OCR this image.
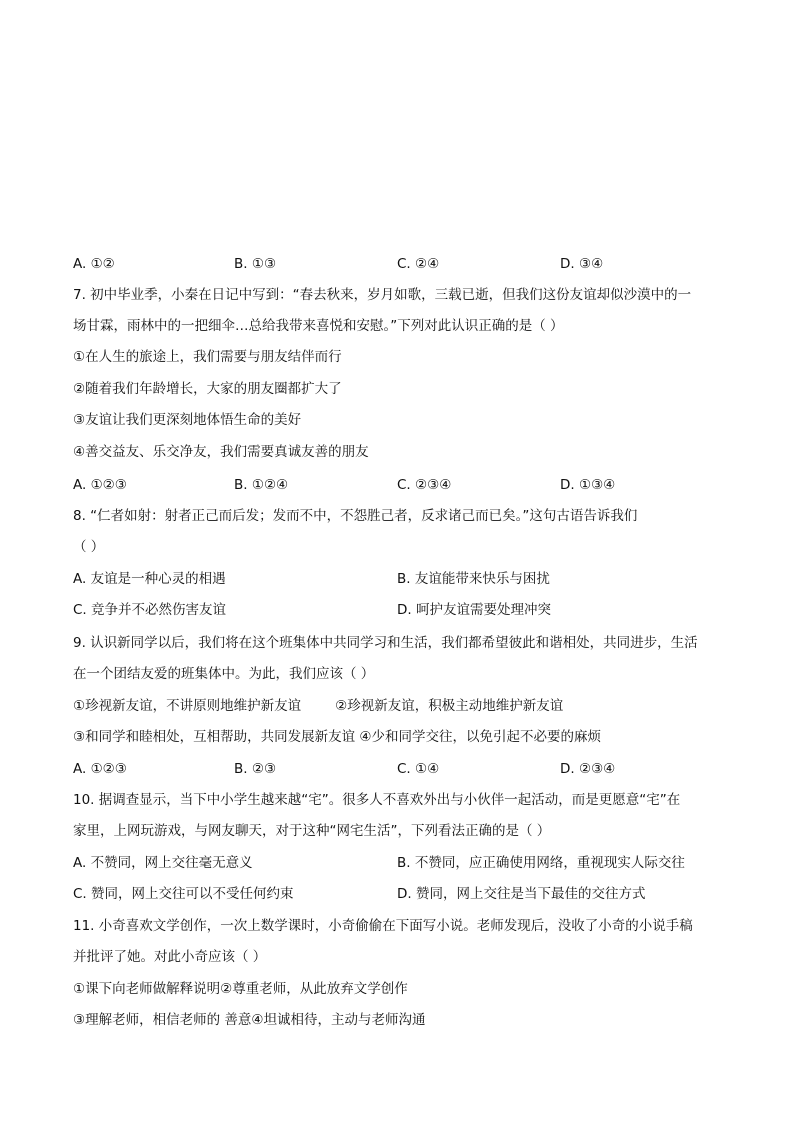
A. ①②	B. ①③	C. ②④	D. ③④
7. 初中毕业季，小秦在日记中写到：“春去秋来，岁月如歌，三载已逝，但我们这份友谊却似沙漠中的一
场甘霖，雨林中的一把细伞…总给我带来喜悦和安慰。”下列对此认识正确的是（ ）
①在人生的旅途上，我们需要与朋友结伴而行
②随着我们年龄增长，大家的朋友圈都扩大了
③友谊让我们更深刻地体悟生命的美好
④善交益友、乐交净友，我们需要真诚友善的朋友
A. ①②③	B. ①②④	C. ②③④	D. ①③④
8. “仁者如射：射者正己而后发；发而不中，不怨胜己者，反求诸己而已矣。”这句古语告诉我们
（ ）
A. 友谊是一种心灵的相遇	B. 友谊能带来快乐与困扰
C. 竞争并不必然伤害友谊	D. 呵护友谊需要处理冲突
9. 认识新同学以后，我们将在这个班集体中共同学习和生活，我们都希望彼此和谐相处，共同进步，生活
在一个团结友爱的班集体中。为此，我们应该（ ）
①珍视新友谊，不讲原则地维护新友谊	②珍视新友谊，积极主动地维护新友谊
③和同学和睦相处，互相帮助，共同发展新友谊 ④少和同学交往，以免引起不必要的麻烦
A. ①②③	B. ②③	C. ①④	D. ②③④
10. 据调查显示，当下中小学生越来越“宅”。很多人不喜欢外出与小伙伴一起活动，而是更愿意“宅”在
家里，上网玩游戏，与网友聊天，对于这种“网宅生活”，下列看法正确的是（ ）
A. 不赞同，网上交往毫无意义	B. 不赞同，应正确使用网络，重视现实人际交往
C. 赞同，网上交往可以不受任何约束	D. 赞同，网上交往是当下最佳的交往方式
11. 小奇喜欢文学创作，一次上数学课时，小奇偷偷在下面写小说。老师发现后，没收了小奇的小说手稿
并批评了她。对此小奇应该（ ）
①课下向老师做解释说明②尊重老师，从此放弃文学创作
③理解老师，相信老师的 善意④坦诚相待，主动与老师沟通
